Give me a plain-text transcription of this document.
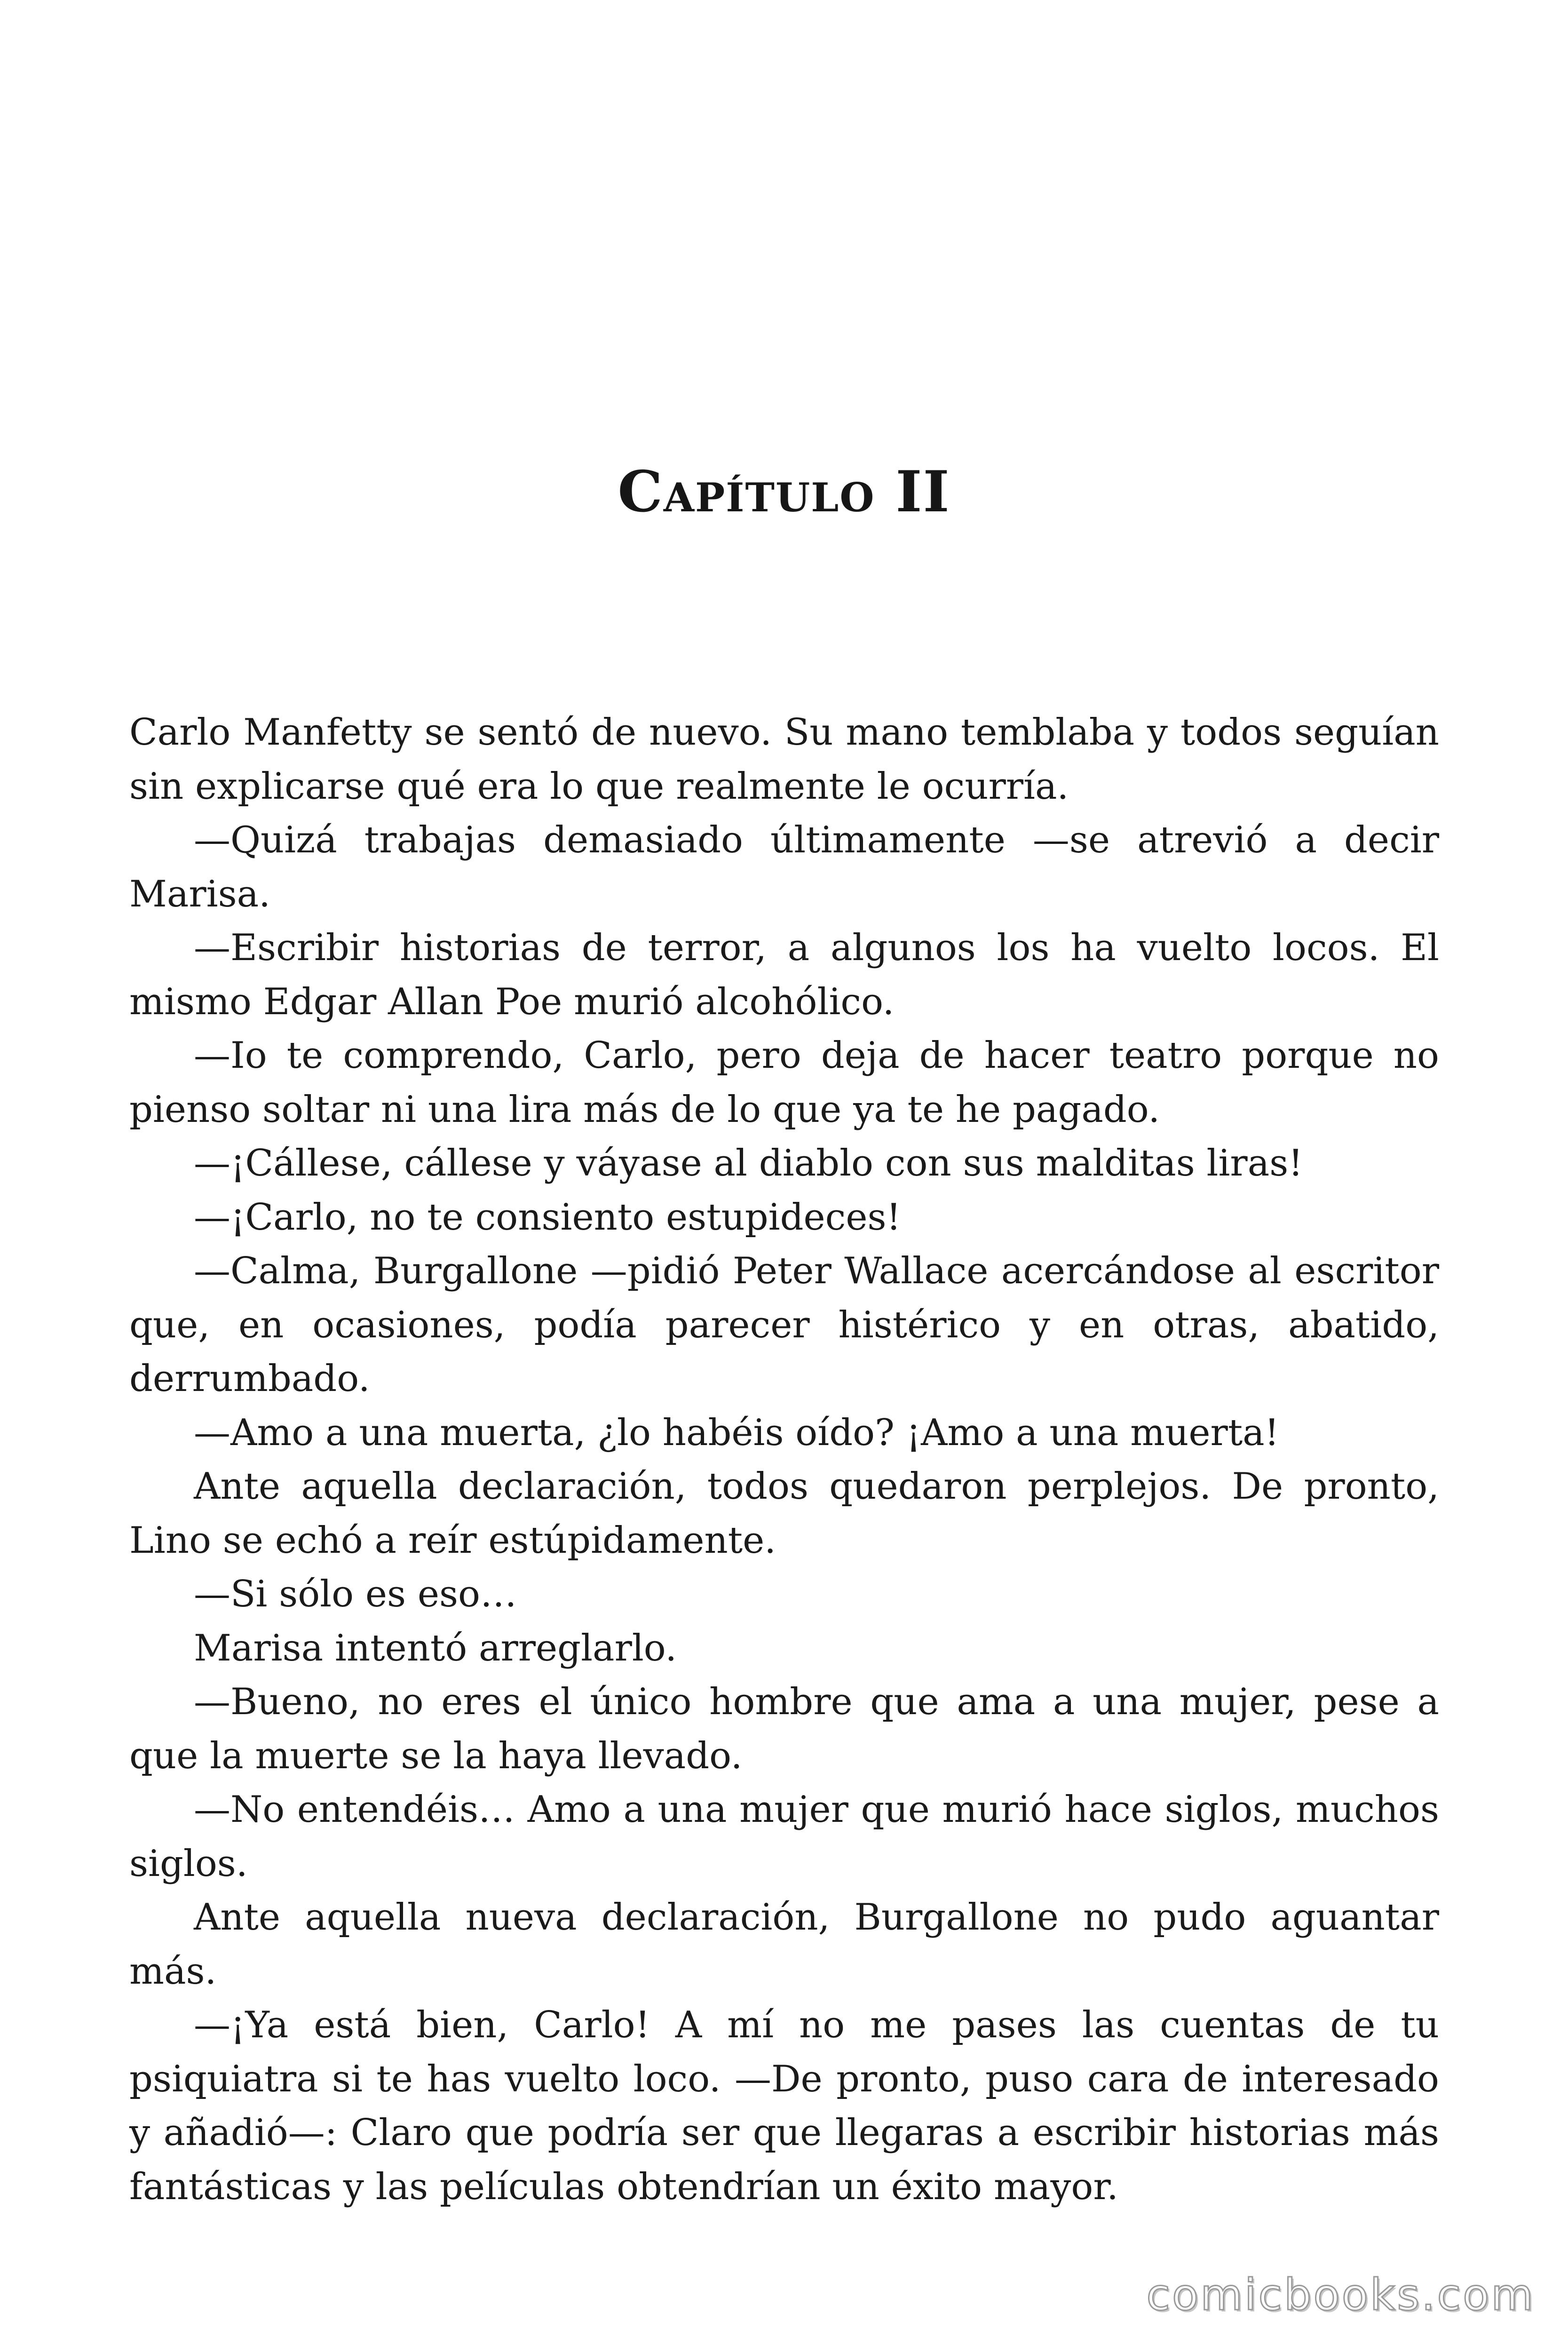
Capítulo II

Carlo Manfetty se sentó de nuevo. Su mano temblaba y todos seguían sin explicarse qué era lo que realmente le ocurría.

—Quizá trabajas demasiado últimamente —se atrevió a decir Marisa.

—Escribir historias de terror, a algunos los ha vuelto locos. El mismo Edgar Allan Poe murió alcohólico.

—Io te comprendo, Carlo, pero deja de hacer teatro porque no pienso soltar ni una lira más de lo que ya te he pagado.

—¡Cállese, cállese y váyase al diablo con sus malditas liras!

—¡Carlo, no te consiento estupideces!

—Calma, Burgallone —pidió Peter Wallace acercándose al escritor que, en ocasiones, podía parecer histérico y en otras, abatido, derrumbado.

—Amo a una muerta, ¿lo habéis oído? ¡Amo a una muerta!

Ante aquella declaración, todos quedaron perplejos. De pronto, Lino se echó a reír estúpidamente.

—Si sólo es eso…

Marisa intentó arreglarlo.

—Bueno, no eres el único hombre que ama a una mujer, pese a que la muerte se la haya llevado.

—No entendéis… Amo a una mujer que murió hace siglos, muchos siglos.

Ante aquella nueva declaración, Burgallone no pudo aguantar más.

—¡Ya está bien, Carlo! A mí no me pases las cuentas de tu psiquiatra si te has vuelto loco. —De pronto, puso cara de interesado y añadió—: Claro que podría ser que llegaras a escribir historias más fantásticas y las películas obtendrían un éxito mayor.

comicbooks.com
